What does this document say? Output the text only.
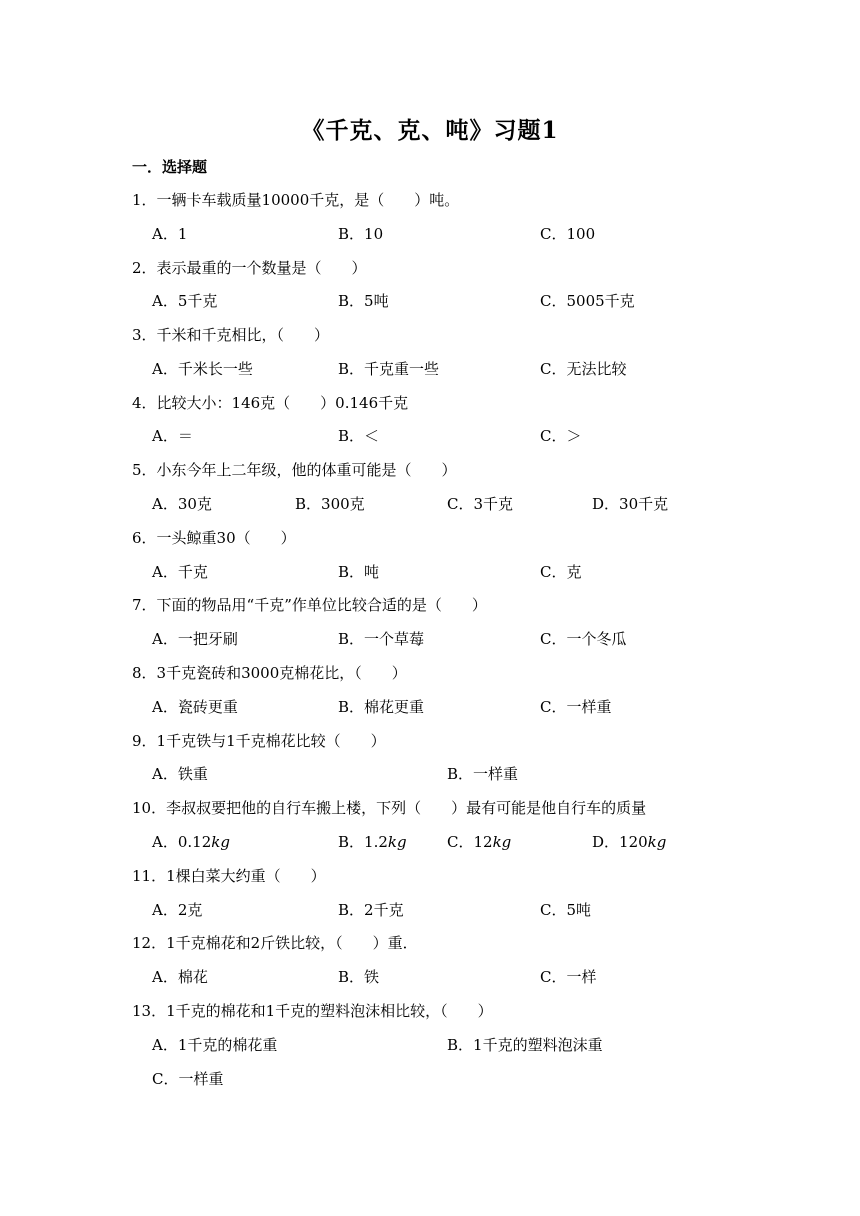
《千克、克、吨》习题1
一．选择题
1．一辆卡车载质量10000千克，是（　　）吨。
A．1	B．10	C．100
2．表示最重的一个数量是（　　）
A．5千克	B．5吨	C．5005千克
3．千米和千克相比，（　　）
A．千米长一些	B．千克重一些	C．无法比较
4．比较大小：146克（　　）0.146千克
A．＝	B．＜	C．＞
5．小东今年上二年级，他的体重可能是（　　）
A．30克	B．300克	C．3千克	D．30千克
6．一头鲸重30（　　）
A．千克	B．吨	C．克
7．下面的物品用“千克”作单位比较合适的是（　　）
A．一把牙刷	B．一个草莓	C．一个冬瓜
8．3千克瓷砖和3000克棉花比，（　　）
A．瓷砖更重	B．棉花更重	C．一样重
9．1千克铁与1千克棉花比较（　　）
A．铁重	B．一样重
10．李叔叔要把他的自行车搬上楼，下列（　　）最有可能是他自行车的质量
A．0.12kg	B．1.2kg	C．12kg	D．120kg
11．1棵白菜大约重（　　）
A．2克	B．2千克	C．5吨
12．1千克棉花和2斤铁比较，（　　）重．
A．棉花	B．铁	C．一样
13．1千克的棉花和1千克的塑料泡沫相比较，（　　）
A．1千克的棉花重	B．1千克的塑料泡沫重
C．一样重
